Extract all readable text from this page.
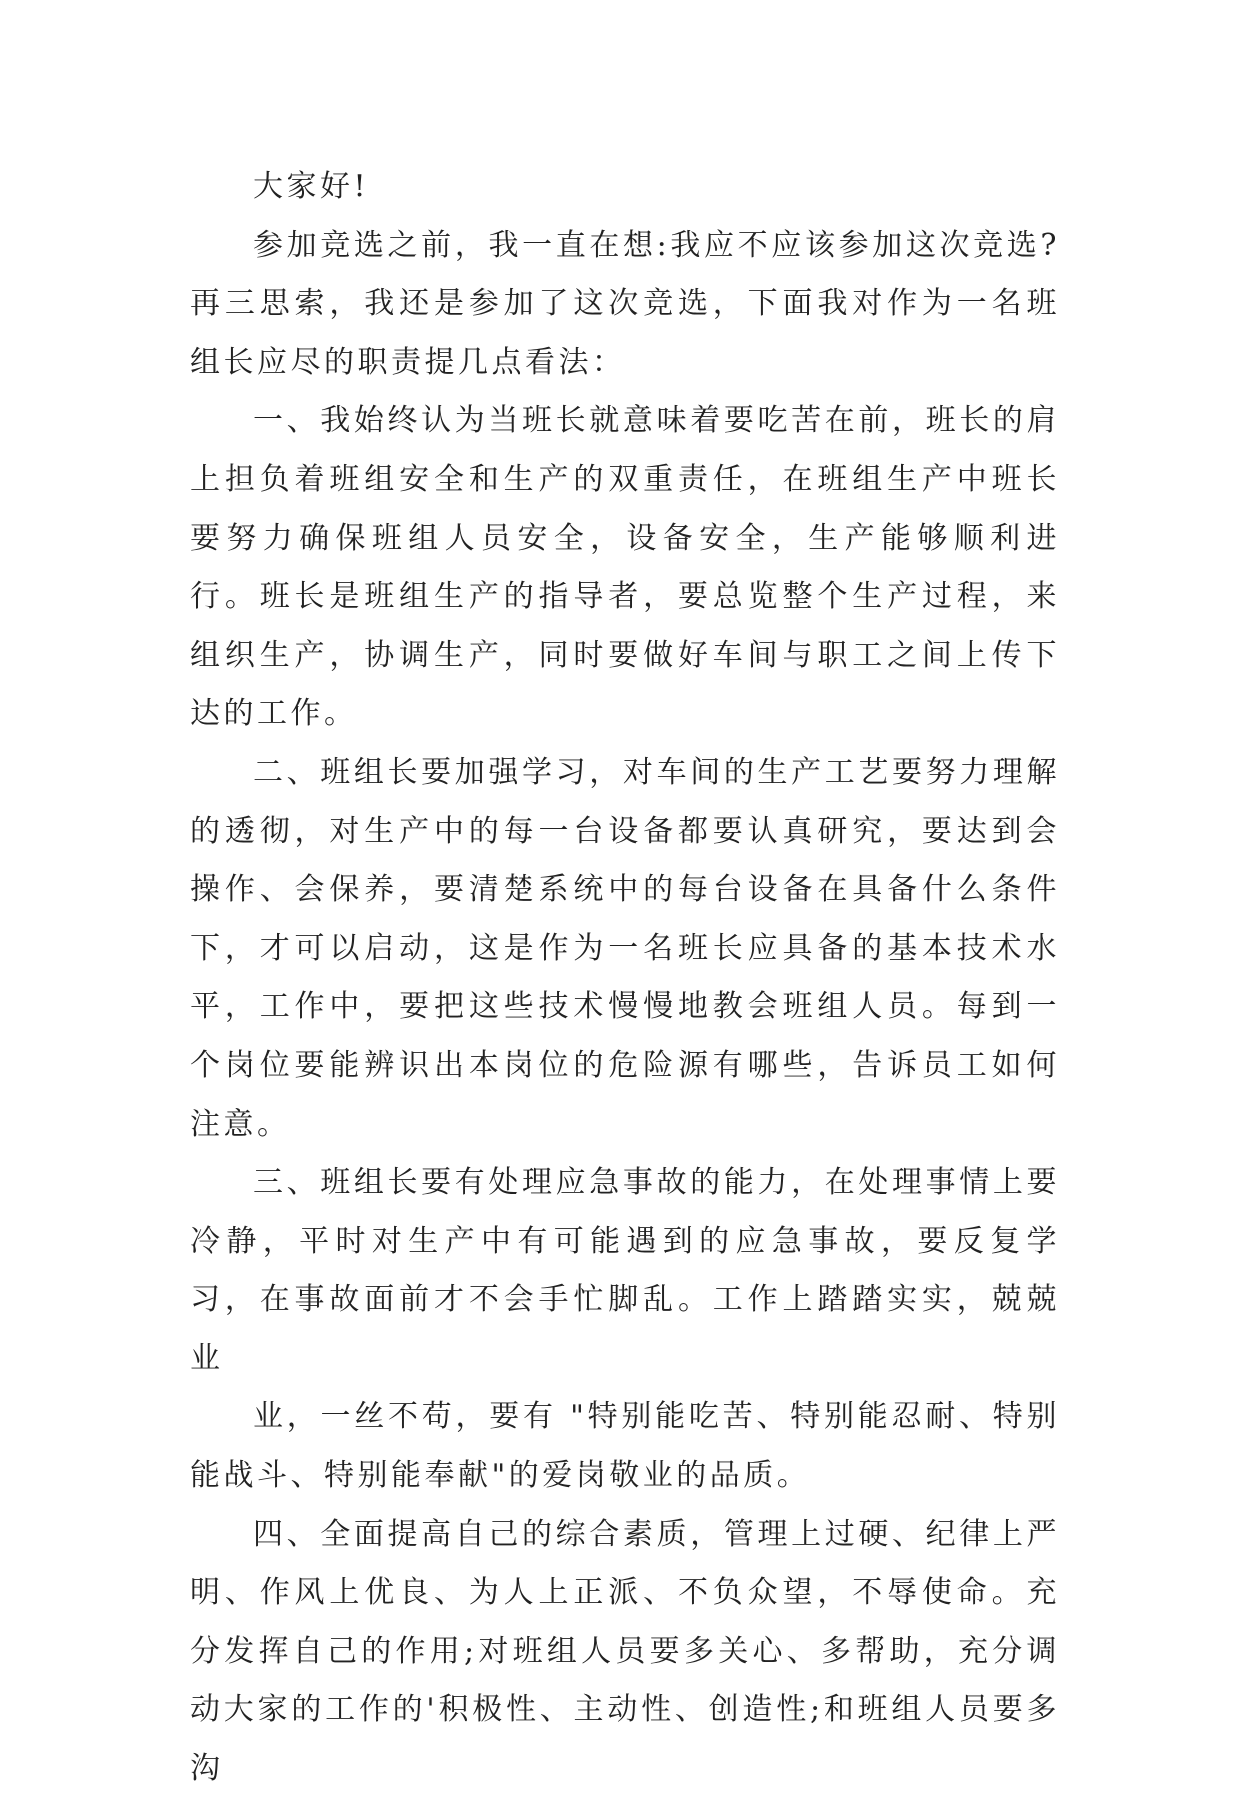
大家好!

参加竞选之前，我一直在想:我应不应该参加这次竞选?再三思索，我还是参加了这次竞选，下面我对作为一名班组长应尽的职责提几点看法：

一、我始终认为当班长就意味着要吃苦在前，班长的肩上担负着班组安全和生产的双重责任，在班组生产中班长要努力确保班组人员安全，设备安全，生产能够顺利进行。班长是班组生产的指导者，要总览整个生产过程，来组织生产，协调生产，同时要做好车间与职工之间上传下达的工作。

二、班组长要加强学习，对车间的生产工艺要努力理解的透彻，对生产中的每一台设备都要认真研究，要达到会操作、会保养，要清楚系统中的每台设备在具备什么条件下，才可以启动，这是作为一名班长应具备的基本技术水平，工作中，要把这些技术慢慢地教会班组人员。每到一个岗位要能辨识出本岗位的危险源有哪些，告诉员工如何注意。

三、班组长要有处理应急事故的能力，在处理事情上要冷静，平时对生产中有可能遇到的应急事故，要反复学习，在事故面前才不会手忙脚乱。工作上踏踏实实，兢兢业

业，一丝不苟，要有 "特别能吃苦、特别能忍耐、特别能战斗、特别能奉献"的爱岗敬业的品质。

四、全面提高自己的综合素质，管理上过硬、纪律上严明、作风上优良、为人上正派、不负众望，不辱使命。充分发挥自己的作用;对班组人员要多关心、多帮助，充分调动大家的工作的'积极性、主动性、创造性;和班组人员要多沟
